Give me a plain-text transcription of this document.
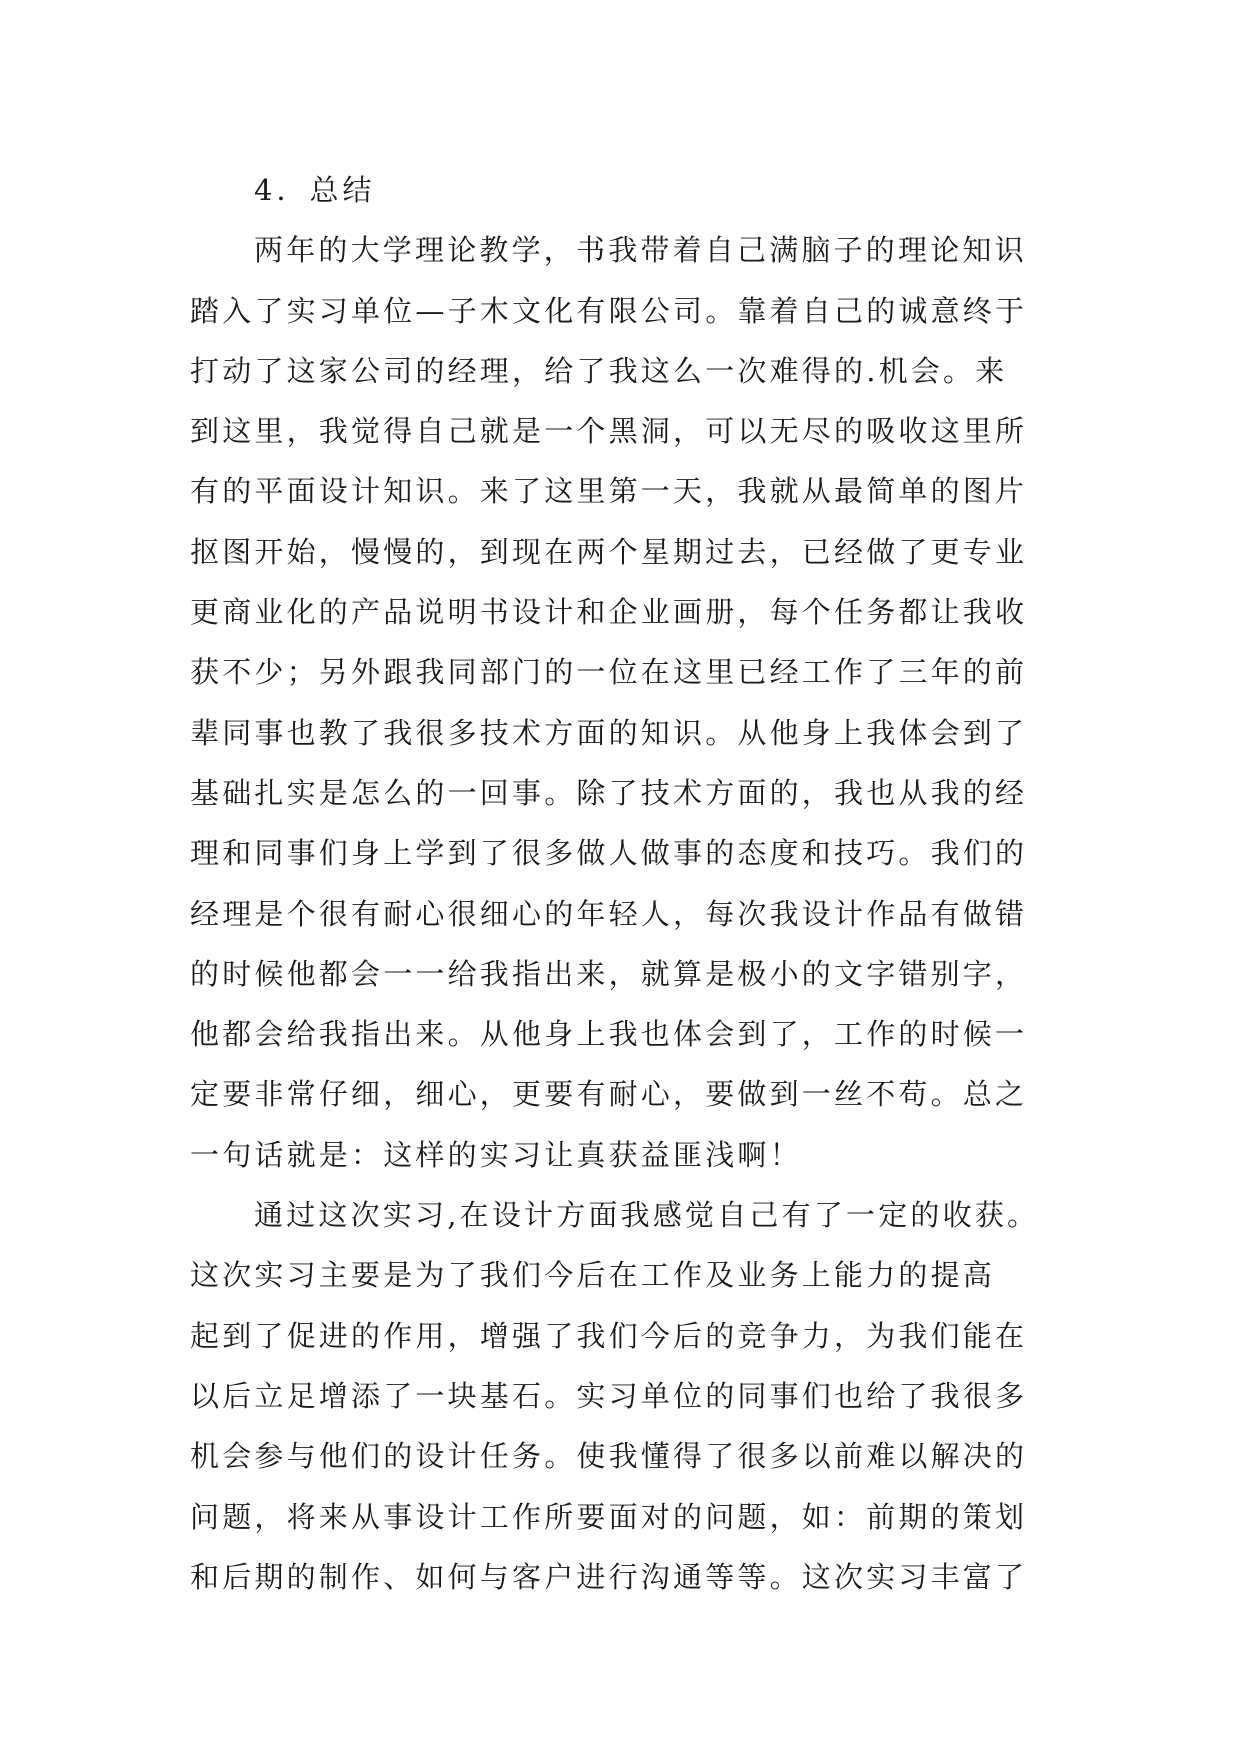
4．总结
两年的大学理论教学，书我带着自己满脑子的理论知识
踏入了实习单位—子木文化有限公司。靠着自己的诚意终于
打动了这家公司的经理，给了我这么一次难得的.机会。来
到这里，我觉得自己就是一个黑洞，可以无尽的吸收这里所
有的平面设计知识。来了这里第一天，我就从最简单的图片
抠图开始，慢慢的，到现在两个星期过去，已经做了更专业
更商业化的产品说明书设计和企业画册，每个任务都让我收
获不少；另外跟我同部门的一位在这里已经工作了三年的前
辈同事也教了我很多技术方面的知识。从他身上我体会到了
基础扎实是怎么的一回事。除了技术方面的，我也从我的经
理和同事们身上学到了很多做人做事的态度和技巧。我们的
经理是个很有耐心很细心的年轻人，每次我设计作品有做错
的时候他都会一一给我指出来，就算是极小的文字错别字，
他都会给我指出来。从他身上我也体会到了，工作的时候一
定要非常仔细，细心，更要有耐心，要做到一丝不苟。总之
一句话就是：这样的实习让真获益匪浅啊！
通过这次实习,在设计方面我感觉自己有了一定的收获。
这次实习主要是为了我们今后在工作及业务上能力的提高
起到了促进的作用，增强了我们今后的竞争力，为我们能在
以后立足增添了一块基石。实习单位的同事们也给了我很多
机会参与他们的设计任务。使我懂得了很多以前难以解决的
问题，将来从事设计工作所要面对的问题，如：前期的策划
和后期的制作、如何与客户进行沟通等等。这次实习丰富了
